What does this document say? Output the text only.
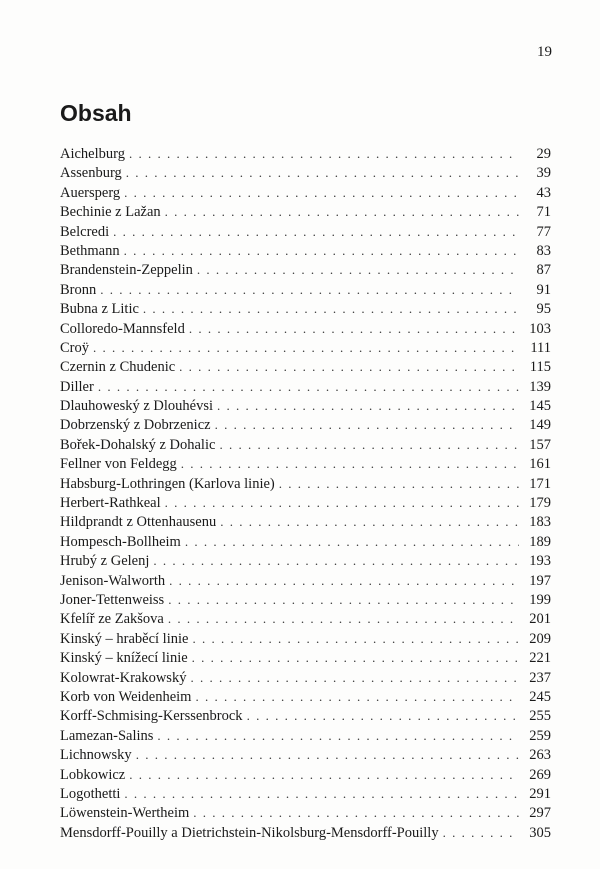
19
Obsah
Aichelburg . . .	29
Assenburg . . .	39
Auersperg . . .	43
Bechinie z Lažan . . .	71
Belcredi . . .	77
Bethmann . . .	83
Brandenstein-Zeppelin . . .	87
Bronn . . .	91
Bubna z Litic . . .	95
Colloredo-Mannsfeld . . .	103
Croÿ . . .	111
Czernin z Chudenic . . .	115
Diller . . .	139
Dlauhoweský z Dlouhévsi . . .	145
Dobrzenský z Dobrzenicz . . .	149
Bořek-Dohalský z Dohalic . . .	157
Fellner von Feldegg . . .	161
Habsburg-Lothringen (Karlova linie) . . .	171
Herbert-Rathkeal . . .	179
Hildprandt z Ottenhausenu . . .	183
Hompesch-Bollheim . . .	189
Hrubý z Gelenj . . .	193
Jenison-Walworth . . .	197
Joner-Tettenweiss . . .	199
Kfelíř ze Zakšova . . .	201
Kinský – hraběcí linie . . .	209
Kinský – knížecí linie . . .	221
Kolowrat-Krakowský . . .	237
Korb von Weidenheim . . .	245
Korff-Schmising-Kerssenbrock . . .	255
Lamezan-Salins . . .	259
Lichnowsky . . .	263
Lobkowicz . . .	269
Logothetti . . .	291
Löwenstein-Wertheim . . .	297
Mensdorff-Pouilly a Dietrichstein-Nikolsburg-Mensdorff-Pouilly . . .	305
